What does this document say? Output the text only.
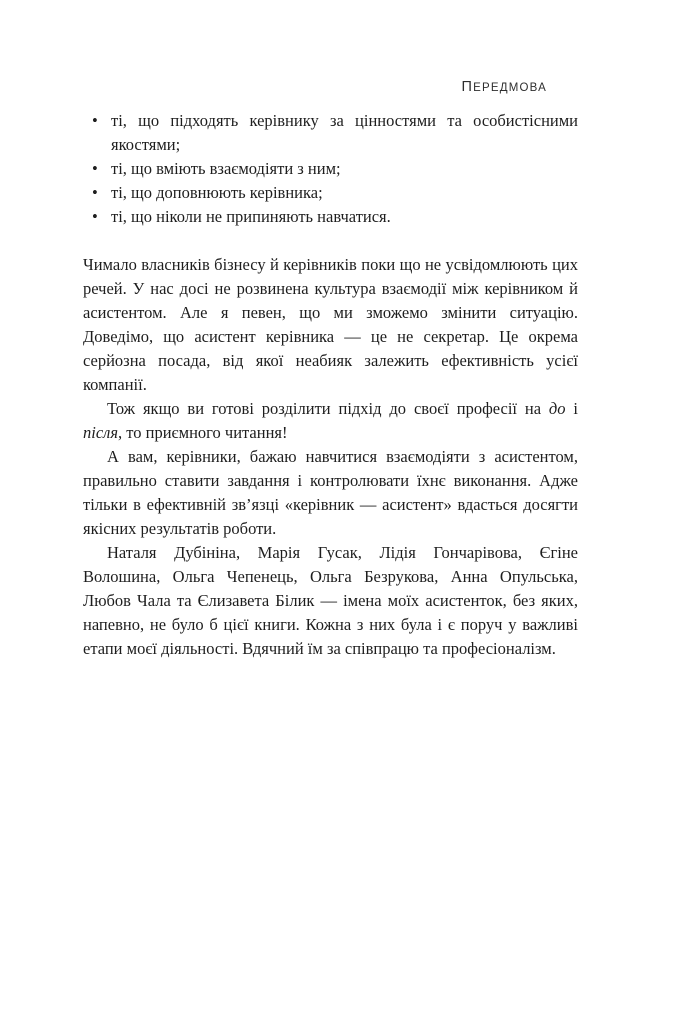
ПЕРЕДМОВА
• ті, що підходять керівнику за цінностями та особистісними якостями;
• ті, що вміють взаємодіяти з ним;
• ті, що доповнюють керівника;
• ті, що ніколи не припиняють навчатися.

Чимало власників бізнесу й керівників поки що не усвідомлюють цих речей. У нас досі не розвинена культура взаємодії між керівником й асистентом. Але я певен, що ми зможемо змінити ситуацію. Доведімо, що асистент керівника — це не секретар. Це окрема серйозна посада, від якої неабияк залежить ефективність усієї компанії.

Тож якщо ви готові розділити підхід до своєї професії на до і після, то приємного читання!

А вам, керівники, бажаю навчитися взаємодіяти з асистентом, правильно ставити завдання і контролювати їхнє виконання. Адже тільки в ефективній зв’язці «керівник — асистент» вдасться досягти якісних результатів роботи.

Наталя Дубініна, Марія Гусак, Лідія Гончарівова, Єгіне Волошина, Ольга Чепенець, Ольга Безрукова, Анна Опульська, Любов Чала та Єлизавета Білик — імена моїх асистенток, без яких, напевно, не було б цієї книги. Кожна з них була і є поруч у важливі етапи моєї діяльності. Вдячний їм за співпрацю та професіоналізм.
